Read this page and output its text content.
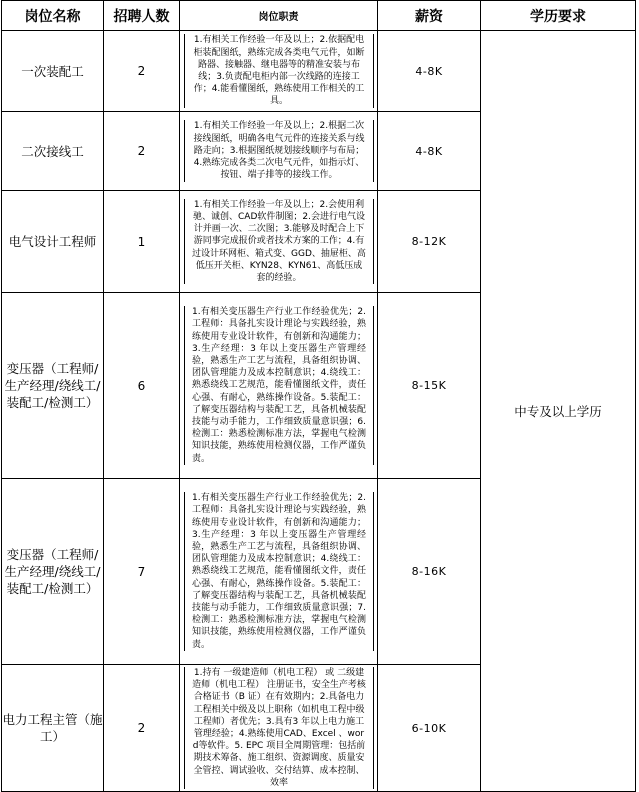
岗位名称	招聘人数	岗位职责	薪资	学历要求
一次装配工	2	1.有相关工作经验一年及以上；2.依据配电柜装配图纸，熟练完成各类电气元件，如断路器、接触器、继电器等的精准安装与布线；3.负责配电柜内部一次线路的连接工作；4.能看懂图纸，熟练使用工作相关的工具。	4-8K	中专及以上学历
二次接线工	2	1.有相关工作经验一年及以上；2.根据二次接线图纸，明确各电气元件的连接关系与线路走向；3.根据图纸规划接线顺序与布局；4.熟练完成各类二次电气元件，如指示灯、按钮、端子排等的接线工作。	4-8K	
电气设计工程师	1	1.有相关工作经验一年及以上；2.会使用利驰、诚创、CAD软件制图；2.会进行电气设计并画一次、二次图；3.能够及时配合上下游同事完成报价或者技术方案的工作；4.有过设计环网柜、箱式变、GGD、抽屉柜、高低压开关柜、KYN28、KYN61、高低压成套的经验。	8-12K	
变压器（工程师/生产经理/绕线工/装配工/检测工）	6	1.有相关变压器生产行业工作经验优先；2.工程师：具备扎实设计理论与实践经验，熟练使用专业设计软件，有创新和沟通能力；3.生产经理：3 年以上变压器生产管理经验，熟悉生产工艺与流程，具备组织协调、团队管理能力及成本控制意识；4.绕线工：熟悉绕线工艺规范，能看懂图纸文件，责任心强、有耐心，熟练操作设备。5.装配工：了解变压器结构与装配工艺，具备机械装配技能与动手能力，工作细致质量意识强；6.检测工：熟悉检测标准方法，掌握电气检测知识技能，熟练使用检测仪器，工作严谨负责。	8-15K	
变压器（工程师/生产经理/绕线工/装配工/检测工）	7	1.有相关变压器生产行业工作经验优先；2.工程师：具备扎实设计理论与实践经验，熟练使用专业设计软件，有创新和沟通能力；3.生产经理：3 年以上变压器生产管理经验，熟悉生产工艺与流程，具备组织协调、团队管理能力及成本控制意识；4.绕线工：熟悉绕线工艺规范，能看懂图纸文件，责任心强、有耐心，熟练操作设备。5.装配工：了解变压器结构与装配工艺，具备机械装配技能与动手能力，工作细致质量意识强；7.检测工：熟悉检测标准方法，掌握电气检测知识技能，熟练使用检测仪器，工作严谨负责。	8-16K	
电力工程主管（施工）	2	1.持有 一级建造师（机电工程） 或 二级建造师（机电工程） 注册证书，安全生产考核合格证书（B 证）在有效期内；2.具备电力工程相关中级及以上职称（如机电工程中级工程师）者优先；3.具有3 年以上电力施工管理经验；4.熟练使用CAD、Excel 、word等软件。5. EPC 项目全周期管理：包括前期技术筹备、施工组织、资源调度、质量安全管控、调试验收、交付结算、成本控制、效率	6-10K	
